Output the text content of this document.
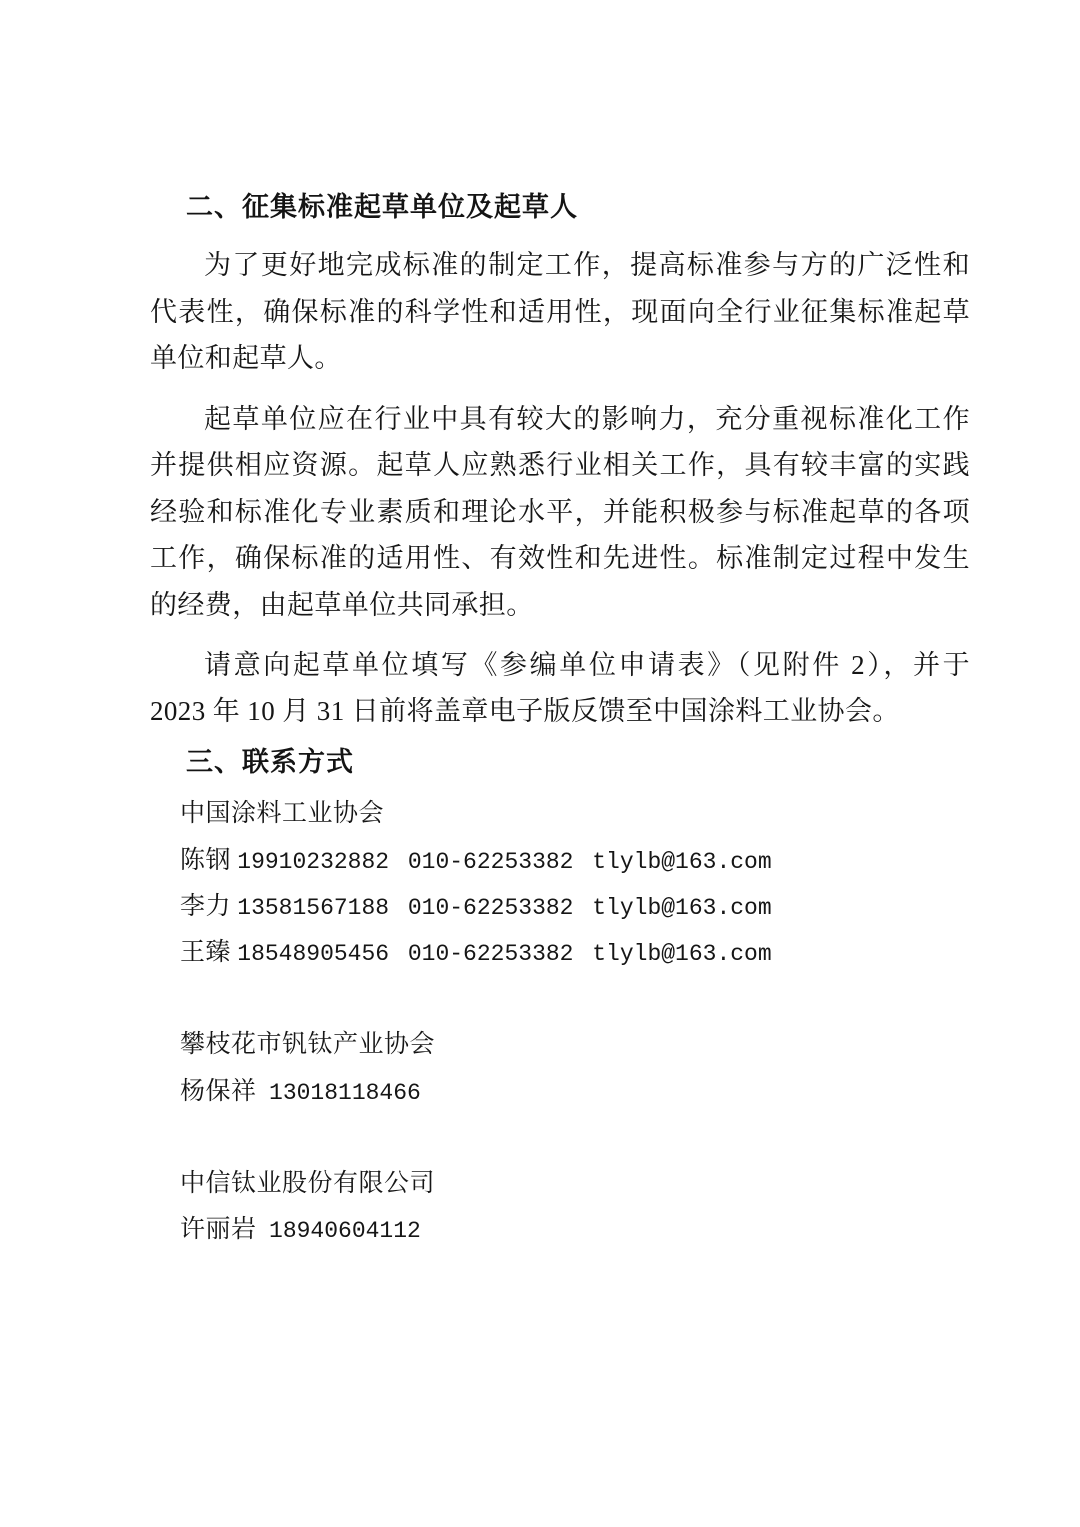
二、征集标准起草单位及起草人

为了更好地完成标准的制定工作，提高标准参与方的广泛性和代表性，确保标准的科学性和适用性，现面向全行业征集标准起草单位和起草人。

起草单位应在行业中具有较大的影响力，充分重视标准化工作并提供相应资源。起草人应熟悉行业相关工作，具有较丰富的实践经验和标准化专业素质和理论水平，并能积极参与标准起草的各项工作，确保标准的适用性、有效性和先进性。标准制定过程中发生的经费，由起草单位共同承担。

请意向起草单位填写《参编单位申请表》（见附件 2），并于 2023 年 10 月 31 日前将盖章电子版反馈至中国涂料工业协会。

三、联系方式

中国涂料工业协会

陈钢 19910232882 010-62253382 tlylb@163.com

李力 13581567188 010-62253382 tlylb@163.com

王臻 18548905456 010-62253382 tlylb@163.com

攀枝花市钒钛产业协会

杨保祥 13018118466

中信钛业股份有限公司

许丽岩 18940604112
